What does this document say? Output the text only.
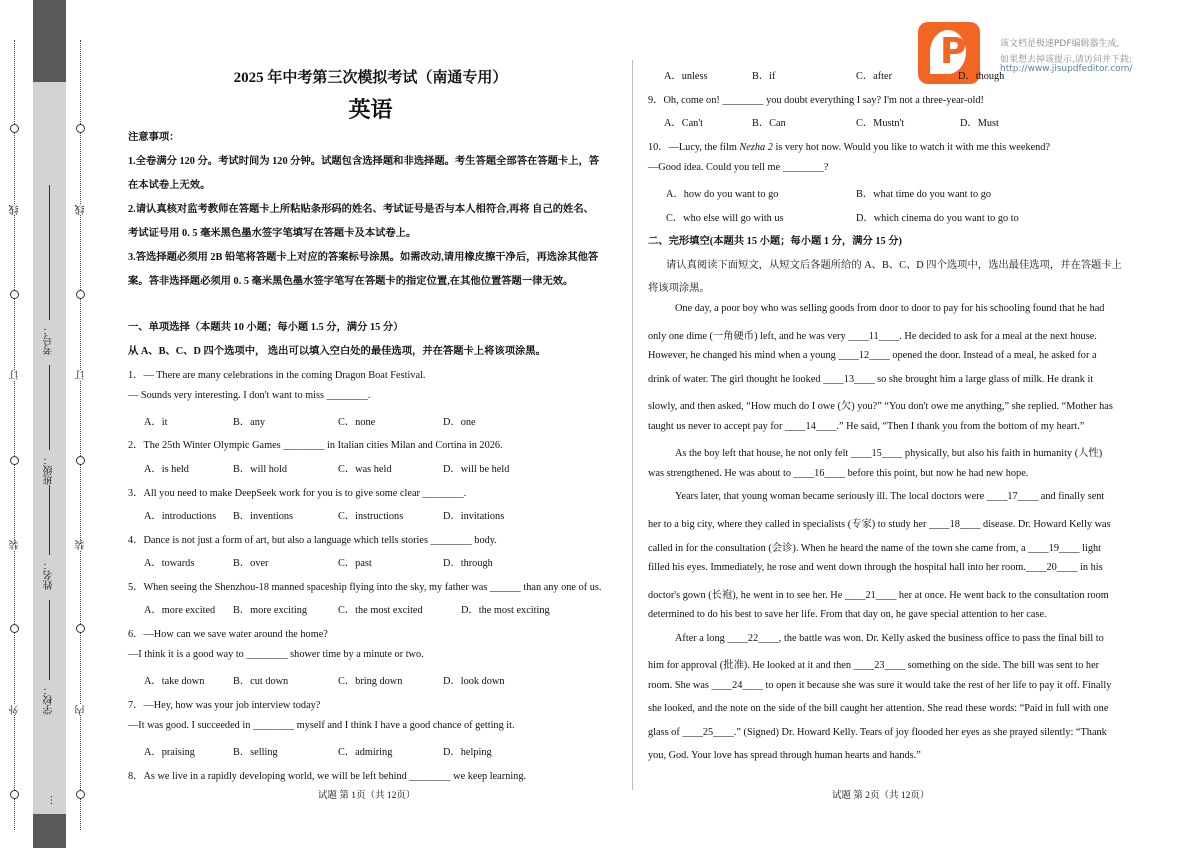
线
订
装
外
考号：
班级：
姓名：
学校：
…
线
订
装
内
P	该文档是极速PDF编辑器生成,
如果想去掉该提示,请访问并下载:
http://www.jisupdfeditor.com/
2025 年中考第三次模拟考试（南通专用）
英语
注意事项：
1.全卷满分 120 分。考试时间为 120 分钟。试题包含选择题和非选择题。考生答题全部答在答题卡上，答
在本试卷上无效。
2.请认真核对监考教师在答题卡上所粘贴条形码的姓名、考试证号是否与本人相符合,再将 自己的姓名、
考试证号用 0. 5 毫米黑色墨水签字笔填写在答题卡及本试卷上。
3.答选择题必须用 2B 铅笔将答题卡上对应的答案标号涂黑。如需改动,请用橡皮擦干净后，再选涂其他答
案。答非选择题必须用 0. 5 毫米黑色墨水签字笔写在答题卡的指定位置,在其他位置答题一律无效。
一、单项选择（本题共 10 小题；每小题 1.5 分，满分 15 分）
从 A、B、C、D 四个选项中， 选出可以填入空白处的最佳选项，并在答题卡上将该项涂黑。
1．— There are many celebrations in the coming Dragon Boat Festival.
— Sounds very interesting. I don't want to miss ________.
A．it	B．any	C．none	D．one
2．The 25th Winter Olympic Games ________ in Italian cities Milan and Cortina in 2026.
A．is held	B．will hold	C．was held	D．will be held
3．All you need to make DeepSeek work for you is to give some clear ________.
A．introductions B．inventions	C．instructions	D．invitations
4．Dance is not just a form of art, but also a language which tells stories ________ body.
A．towards	B．over	C．past	D．through
5．When seeing the Shenzhou-18 manned spaceship flying into the sky, my father was ______ than any one of us.
A．more excited B．more exciting	C．the most excited	D．the most exciting
6．—How can we save water around the home?
—I think it is a good way to ________ shower time by a minute or two.
A．take down	B．cut down	C．bring down	D．look down
7．—Hey, how was your job interview today?
—It was good. I succeeded in ________ myself and I think I have a good chance of getting it.
A．praising	B．selling	C．admiring	D．helping
8．As we live in a rapidly developing world, we will be left behind ________ we keep learning.
试题 第 1页（共 12页）
A．unless	B．if	C．after	D．though
9．Oh, come on! ________ you doubt everything I say? I'm not a three-year-old!
A．Can't	B．Can	C．Mustn't	D．Must
10．—Lucy, the film Nezha 2 is very hot now. Would you like to watch it with me this weekend?
—Good idea. Could you tell me ________?
A．how do you want to go	B．what time do you want to go
C．who else will go with us	D．which cinema do you want to go to
二、完形填空(本题共 15 小题；每小题 1 分，满分 15 分)
请认真阅读下面短文，从短文后各题所给的 A、B、C、D 四个选项中，选出最佳选项，并在答题卡上
将该项涂黑。
One day, a poor boy who was selling goods from door to door to pay for his schooling found that he had
only one dime (一角硬币) left, and he was very ____11____. He decided to ask for a meal at the next house.
However, he changed his mind when a young ____12____ opened the door. Instead of a meal, he asked for a
drink of water. The girl thought he looked ____13____ so she brought him a large glass of milk. He drank it
slowly, and then asked, “How much do I owe (欠) you?” “You don't owe me anything,” she replied. “Mother has
taught us never to accept pay for ____14____.” He said, “Then I thank you from the bottom of my heart.”
As the boy left that house, he not only felt ____15____ physically, but also his faith in humanity (人性)
was strengthened. He was about to ____16____ before this point, but now he had new hope.
Years later, that young woman became seriously ill. The local doctors were ____17____ and finally sent
her to a big city, where they called in specialists (专家) to study her ____18____ disease. Dr. Howard Kelly was
called in for the consultation (会诊). When he heard the name of the town she came from, a ____19____ light
filled his eyes. Immediately, he rose and went down through the hospital hall into her room.____20____ in his
doctor's gown (长袍), he went in to see her. He ____21____ her at once. He went back to the consultation room
determined to do his best to save her life. From that day on, he gave special attention to her case.
After a long ____22____, the battle was won. Dr. Kelly asked the business office to pass the final bill to
him for approval (批准). He looked at it and then ____23____ something on the side. The bill was sent to her
room. She was ____24____ to open it because she was sure it would take the rest of her life to pay it off. Finally
she looked, and the note on the side of the bill caught her attention. She read these words: “Paid in full with one
glass of ____25____.” (Signed) Dr. Howard Kelly. Tears of joy flooded her eyes as she prayed silently: “Thank
you, God. Your love has spread through human hearts and hands.”
试题 第 2页（共 12页）
